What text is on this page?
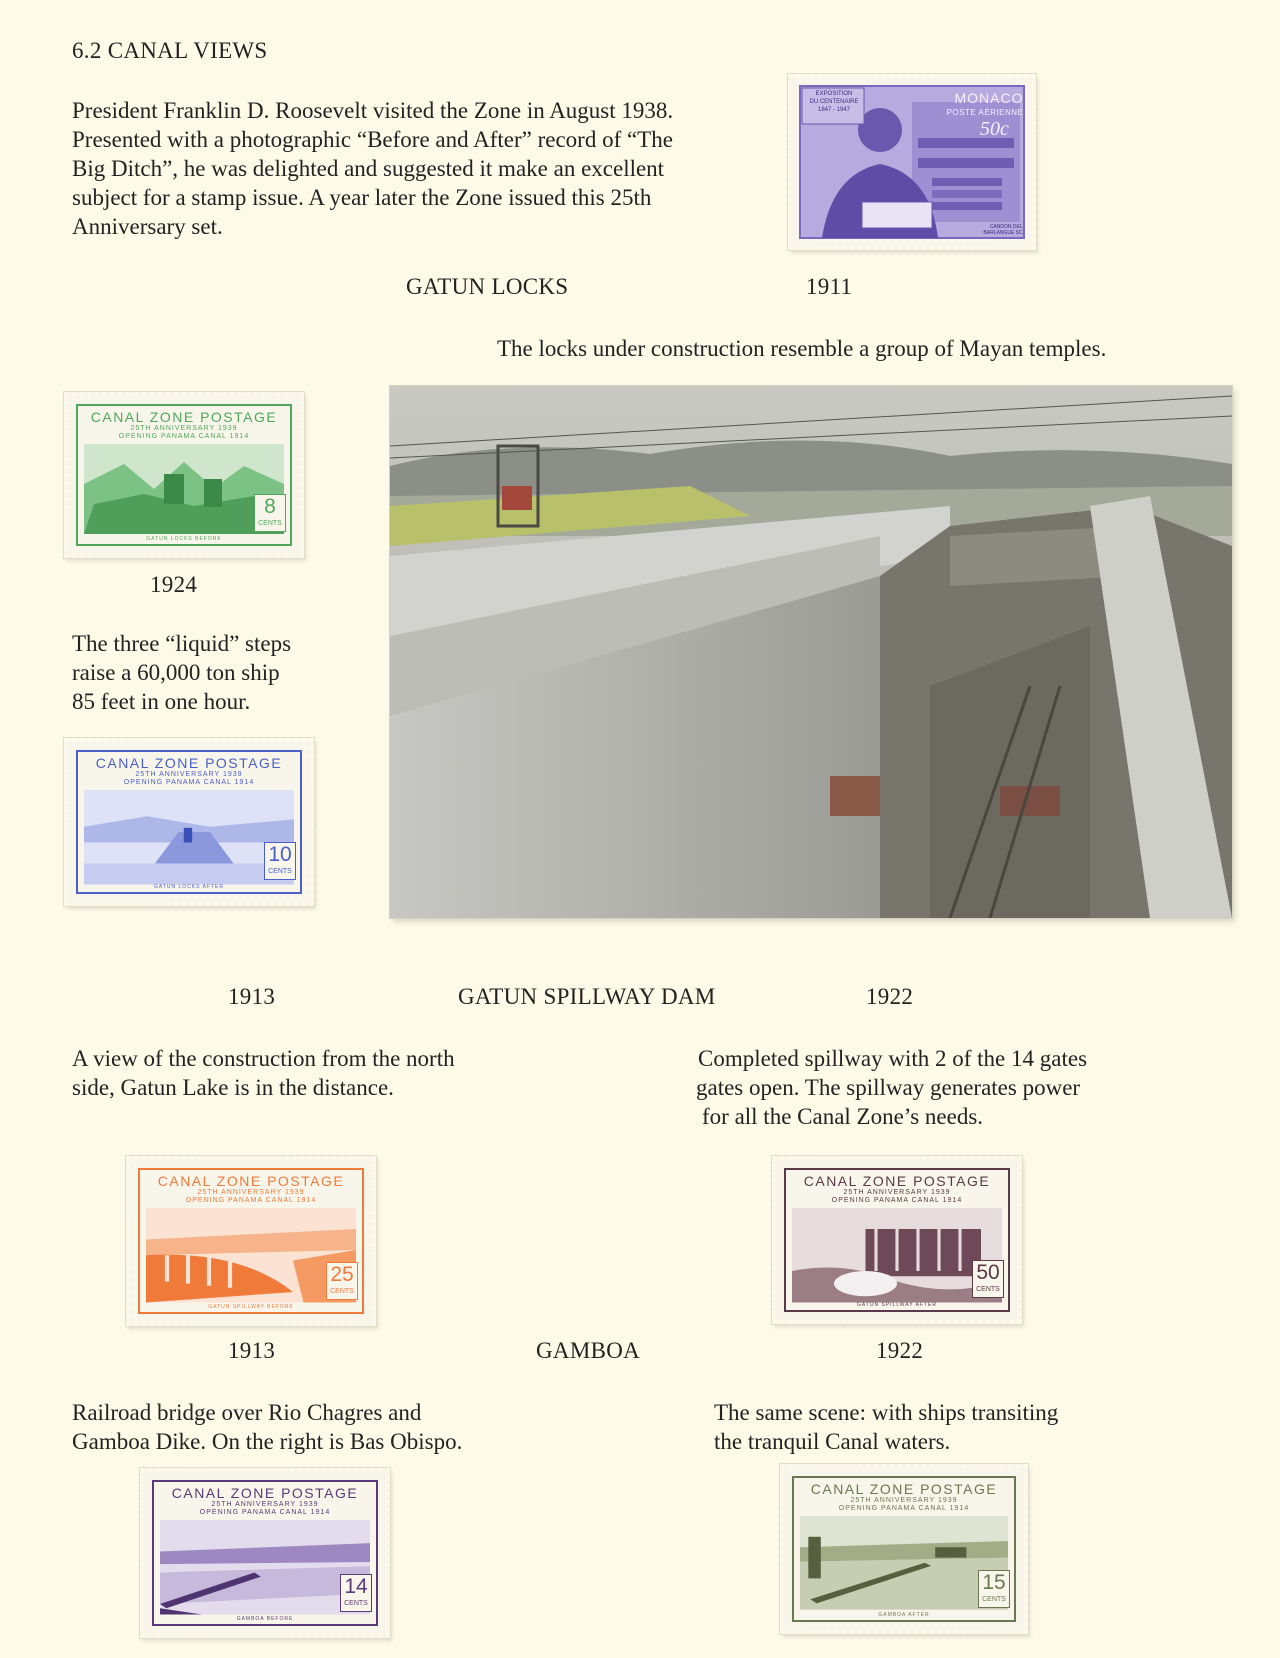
6.2 CANAL VIEWS
President Franklin D. Roosevelt visited the Zone in August 1938.
Presented with a photographic “Before and After” record of “The
Big Ditch”, he was delighted and suggested it make an excellent
subject for a stamp issue. A year later the Zone issued this 25th
Anniversary set.
MONACO
POSTE AÉRIENNE
EXPOSITION
DU CENTENAIRE
1847 - 1947
50c
CANDON DEL.
BARLANGUE SC.
GATUN LOCKS	1911
The locks under construction resemble a group of Mayan temples.
CANAL ZONE POSTAGE
25TH ANNIVERSARY 1939
OPENING PANAMA CANAL 1914
8
CENTS
GATUN LOCKS BEFORE
1924
The three “liquid” steps
raise a 60,000 ton ship
85 feet in one hour.
CANAL ZONE POSTAGE
25TH ANNIVERSARY 1939
OPENING PANAMA CANAL 1914
10
CENTS
GATUN LOCKS AFTER
1913	GATUN SPILLWAY DAM	1922
A view of the construction from the north
side, Gatun Lake is in the distance.
Completed spillway with 2 of the 14 gates
gates open. The spillway generates power
for all the Canal Zone’s needs.
CANAL ZONE POSTAGE
25TH ANNIVERSARY 1939
OPENING PANAMA CANAL 1914
25
CENTS
GATUN SPILLWAY BEFORE
CANAL ZONE POSTAGE
25TH ANNIVERSARY 1939
OPENING PANAMA CANAL 1914
50
CENTS
GATUN SPILLWAY AFTER
1913	GAMBOA	1922
Railroad bridge over Rio Chagres and
Gamboa Dike. On the right is Bas Obispo.
The same scene: with ships transiting
the tranquil Canal waters.
CANAL ZONE POSTAGE
25TH ANNIVERSARY 1939
OPENING PANAMA CANAL 1914
14
CENTS
GAMBOA BEFORE
CANAL ZONE POSTAGE
25TH ANNIVERSARY 1939
OPENING PANAMA CANAL 1914
15
CENTS
GAMBOA AFTER
